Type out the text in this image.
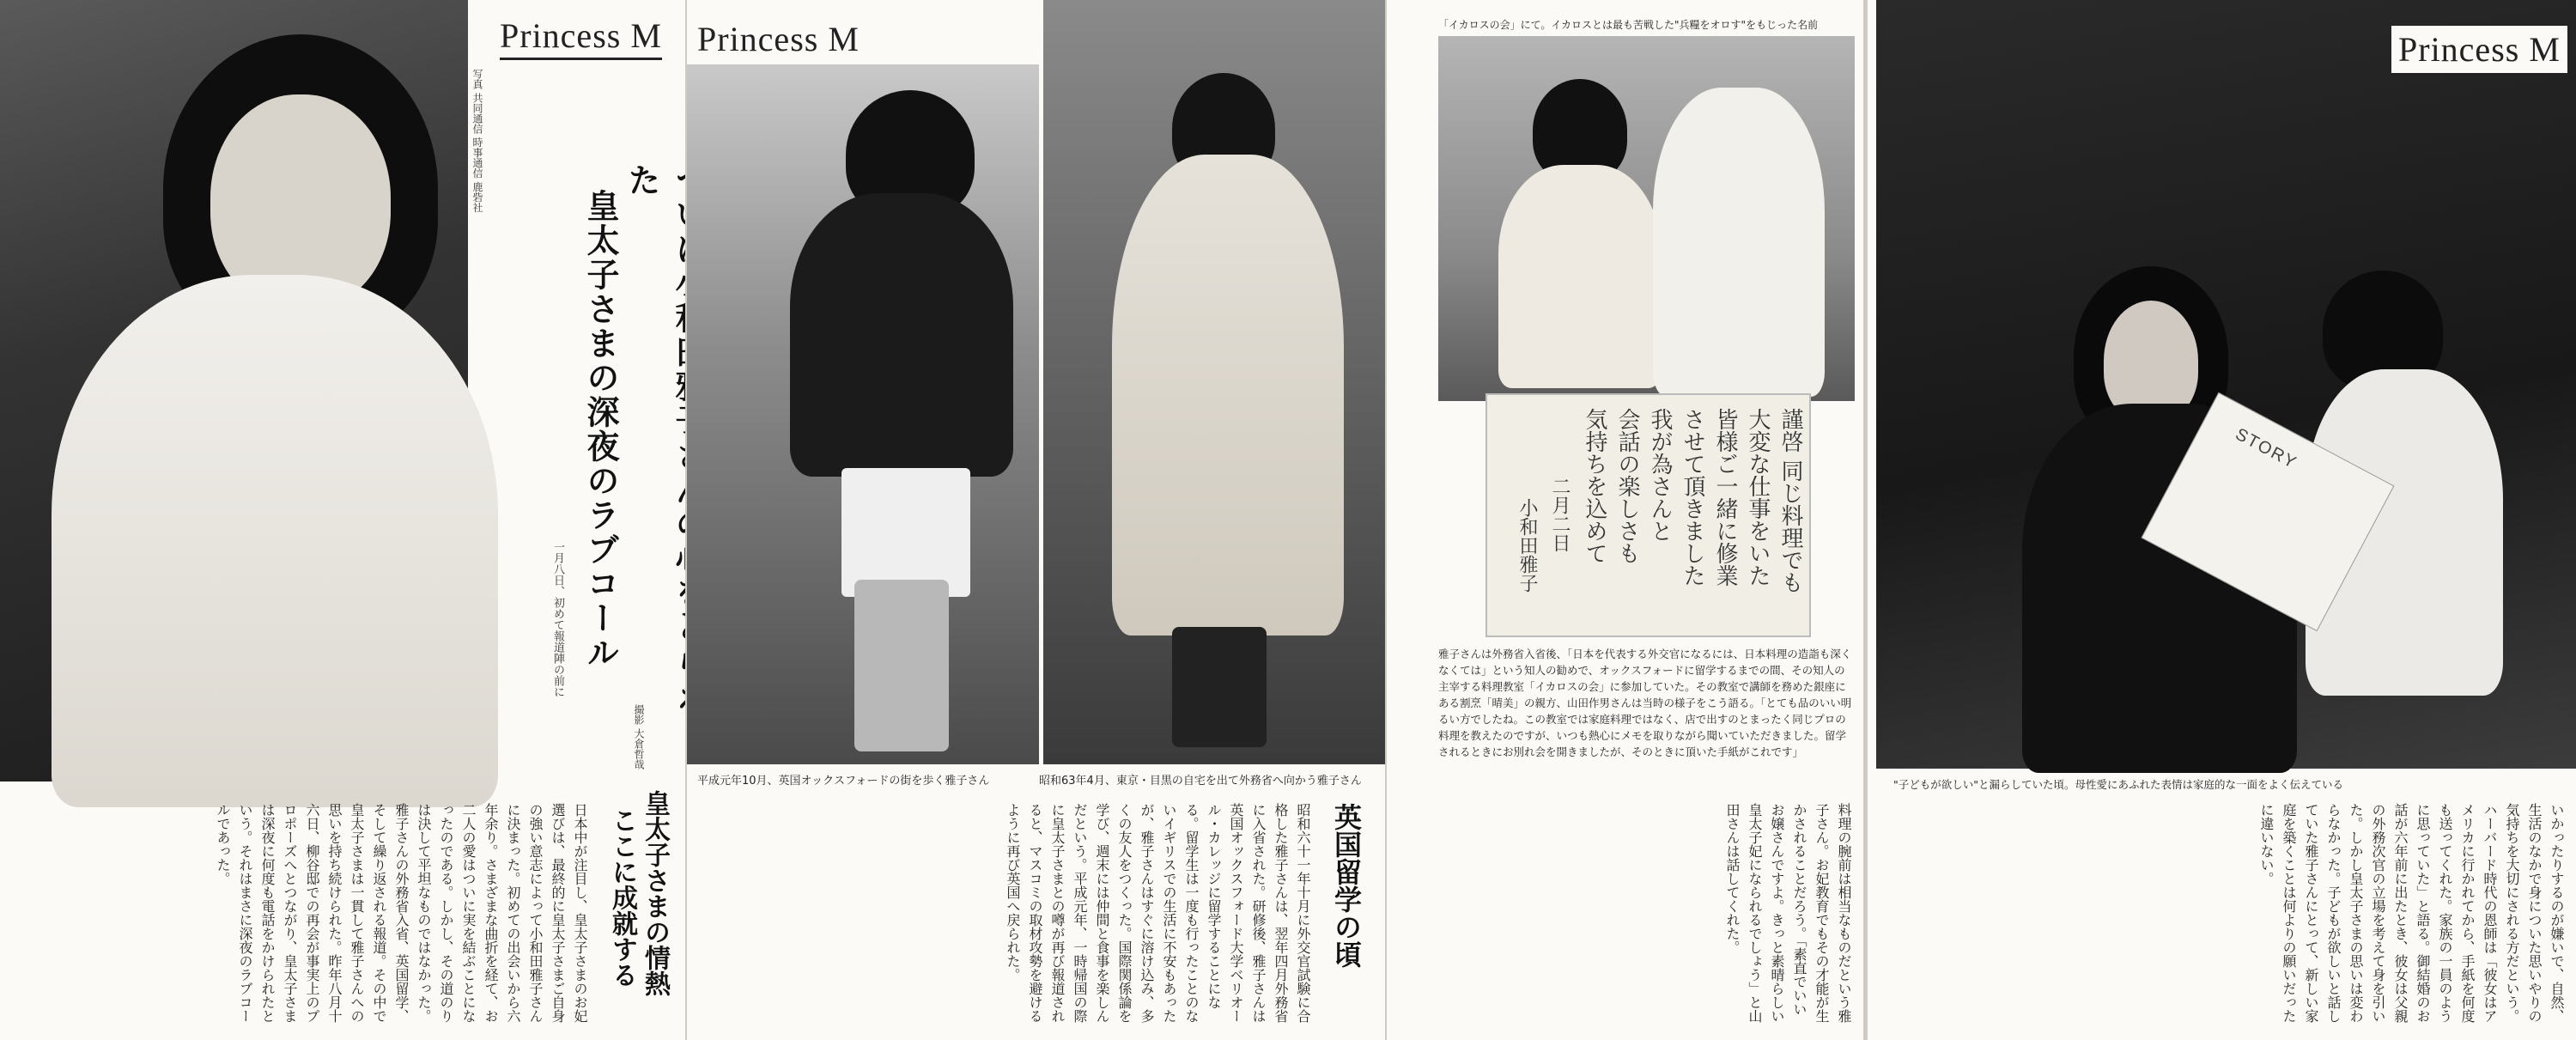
写真 共同通信 時事通信 鹿砦社
Princess M
た
皇太子さまの深夜のラブコール
一月八日、初めて報道陣の前に
撮影 大倉哲哉
皇太子さまの情熱
ここに成就する
日本中が注目し、皇太子さまのお妃選びは、最終的に皇太子さまご自身の強い意志によって小和田雅子さんに決まった。初めての出会いから六年余り。さまざまな曲折を経て、お二人の愛はついに実を結ぶことになったのである。しかし、その道のりは決して平坦なものではなかった。雅子さんの外務省入省、英国留学、そして繰り返される報道。その中で皇太子さまは一貫して雅子さんへの思いを持ち続けられた。昨年八月十六日、柳谷邸での再会が事実上のプロポーズへとつながり、皇太子さまは深夜に何度も電話をかけられたという。それはまさに深夜のラブコールであった。
Princess M
平成元年10月、英国オックスフォードの街を歩く雅子さん	昭和63年4月、東京・目黒の自宅を出て外務省へ向かう雅子さん
英国留学の頃
昭和六十一年十月に外交官試験に合格した雅子さんは、翌年四月外務省に入省された。研修後、雅子さんは英国オックスフォード大学ベリオール・カレッジに留学することになる。留学生は一度も行ったことのないイギリスでの生活に不安もあったが、雅子さんはすぐに溶け込み、多くの友人をつくった。国際関係論を学び、週末には仲間と食事を楽しんだという。平成元年、一時帰国の際に皇太子さまとの噂が再び報道されると、マスコミの取材攻勢を避けるように再び英国へ戻られた。
「イカロスの会」にて。イカロスとは最も苦戦した"兵糧をオロす"をもじった名前
謹啓 同じ料理でも
大変な仕事をいた
皆様ご一緒に修業
させて頂きました
我が為さんと
会話の楽しさも
気持ちを込めて
二月二日
小和田雅子
雅子さんは外務省入省後、「日本を代表する外交官になるには、日本料理の造詣も深くなくては」という知人の勧めで、オックスフォードに留学するまでの間、その知人の主宰する料理教室「イカロスの会」に参加していた。その教室で講師を務めた銀座にある割烹「晴美」の親方、山田作男さんは当時の様子をこう語る。「とても品のいい明るい方でしたね。この教室では家庭料理ではなく、店で出すのとまったく同じプロの料理を教えたのですが、いつも熱心にメモを取りながら聞いていただきました。留学されるときにお別れ会を開きましたが、そのときに頂いた手紙がこれです」
料理の腕前は相当なものだという雅子さん。お妃教育でもその才能が生かされることだろう。「素直でいいお嬢さんですよ。きっと素晴らしい皇太子妃になられるでしょう」と山田さんは話してくれた。
STORY
Princess M
"子どもが欲しい"と漏らしていた頃。母性愛にあふれた表情は家庭的な一面をよく伝えている
いかったりするのが嫌いで、自然、生活のなかで身についた思いやりの気持ちを大切にされる方だという。ハーバード時代の恩師は「彼女はアメリカに行かれてから、手紙を何度も送ってくれた。家族の一員のように思っていた」と語る。御結婚のお話が六年前に出たとき、彼女は父親の外務次官の立場を考えて身を引いた。しかし皇太子さまの思いは変わらなかった。子どもが欲しいと話していた雅子さんにとって、新しい家庭を築くことは何よりの願いだったに違いない。
